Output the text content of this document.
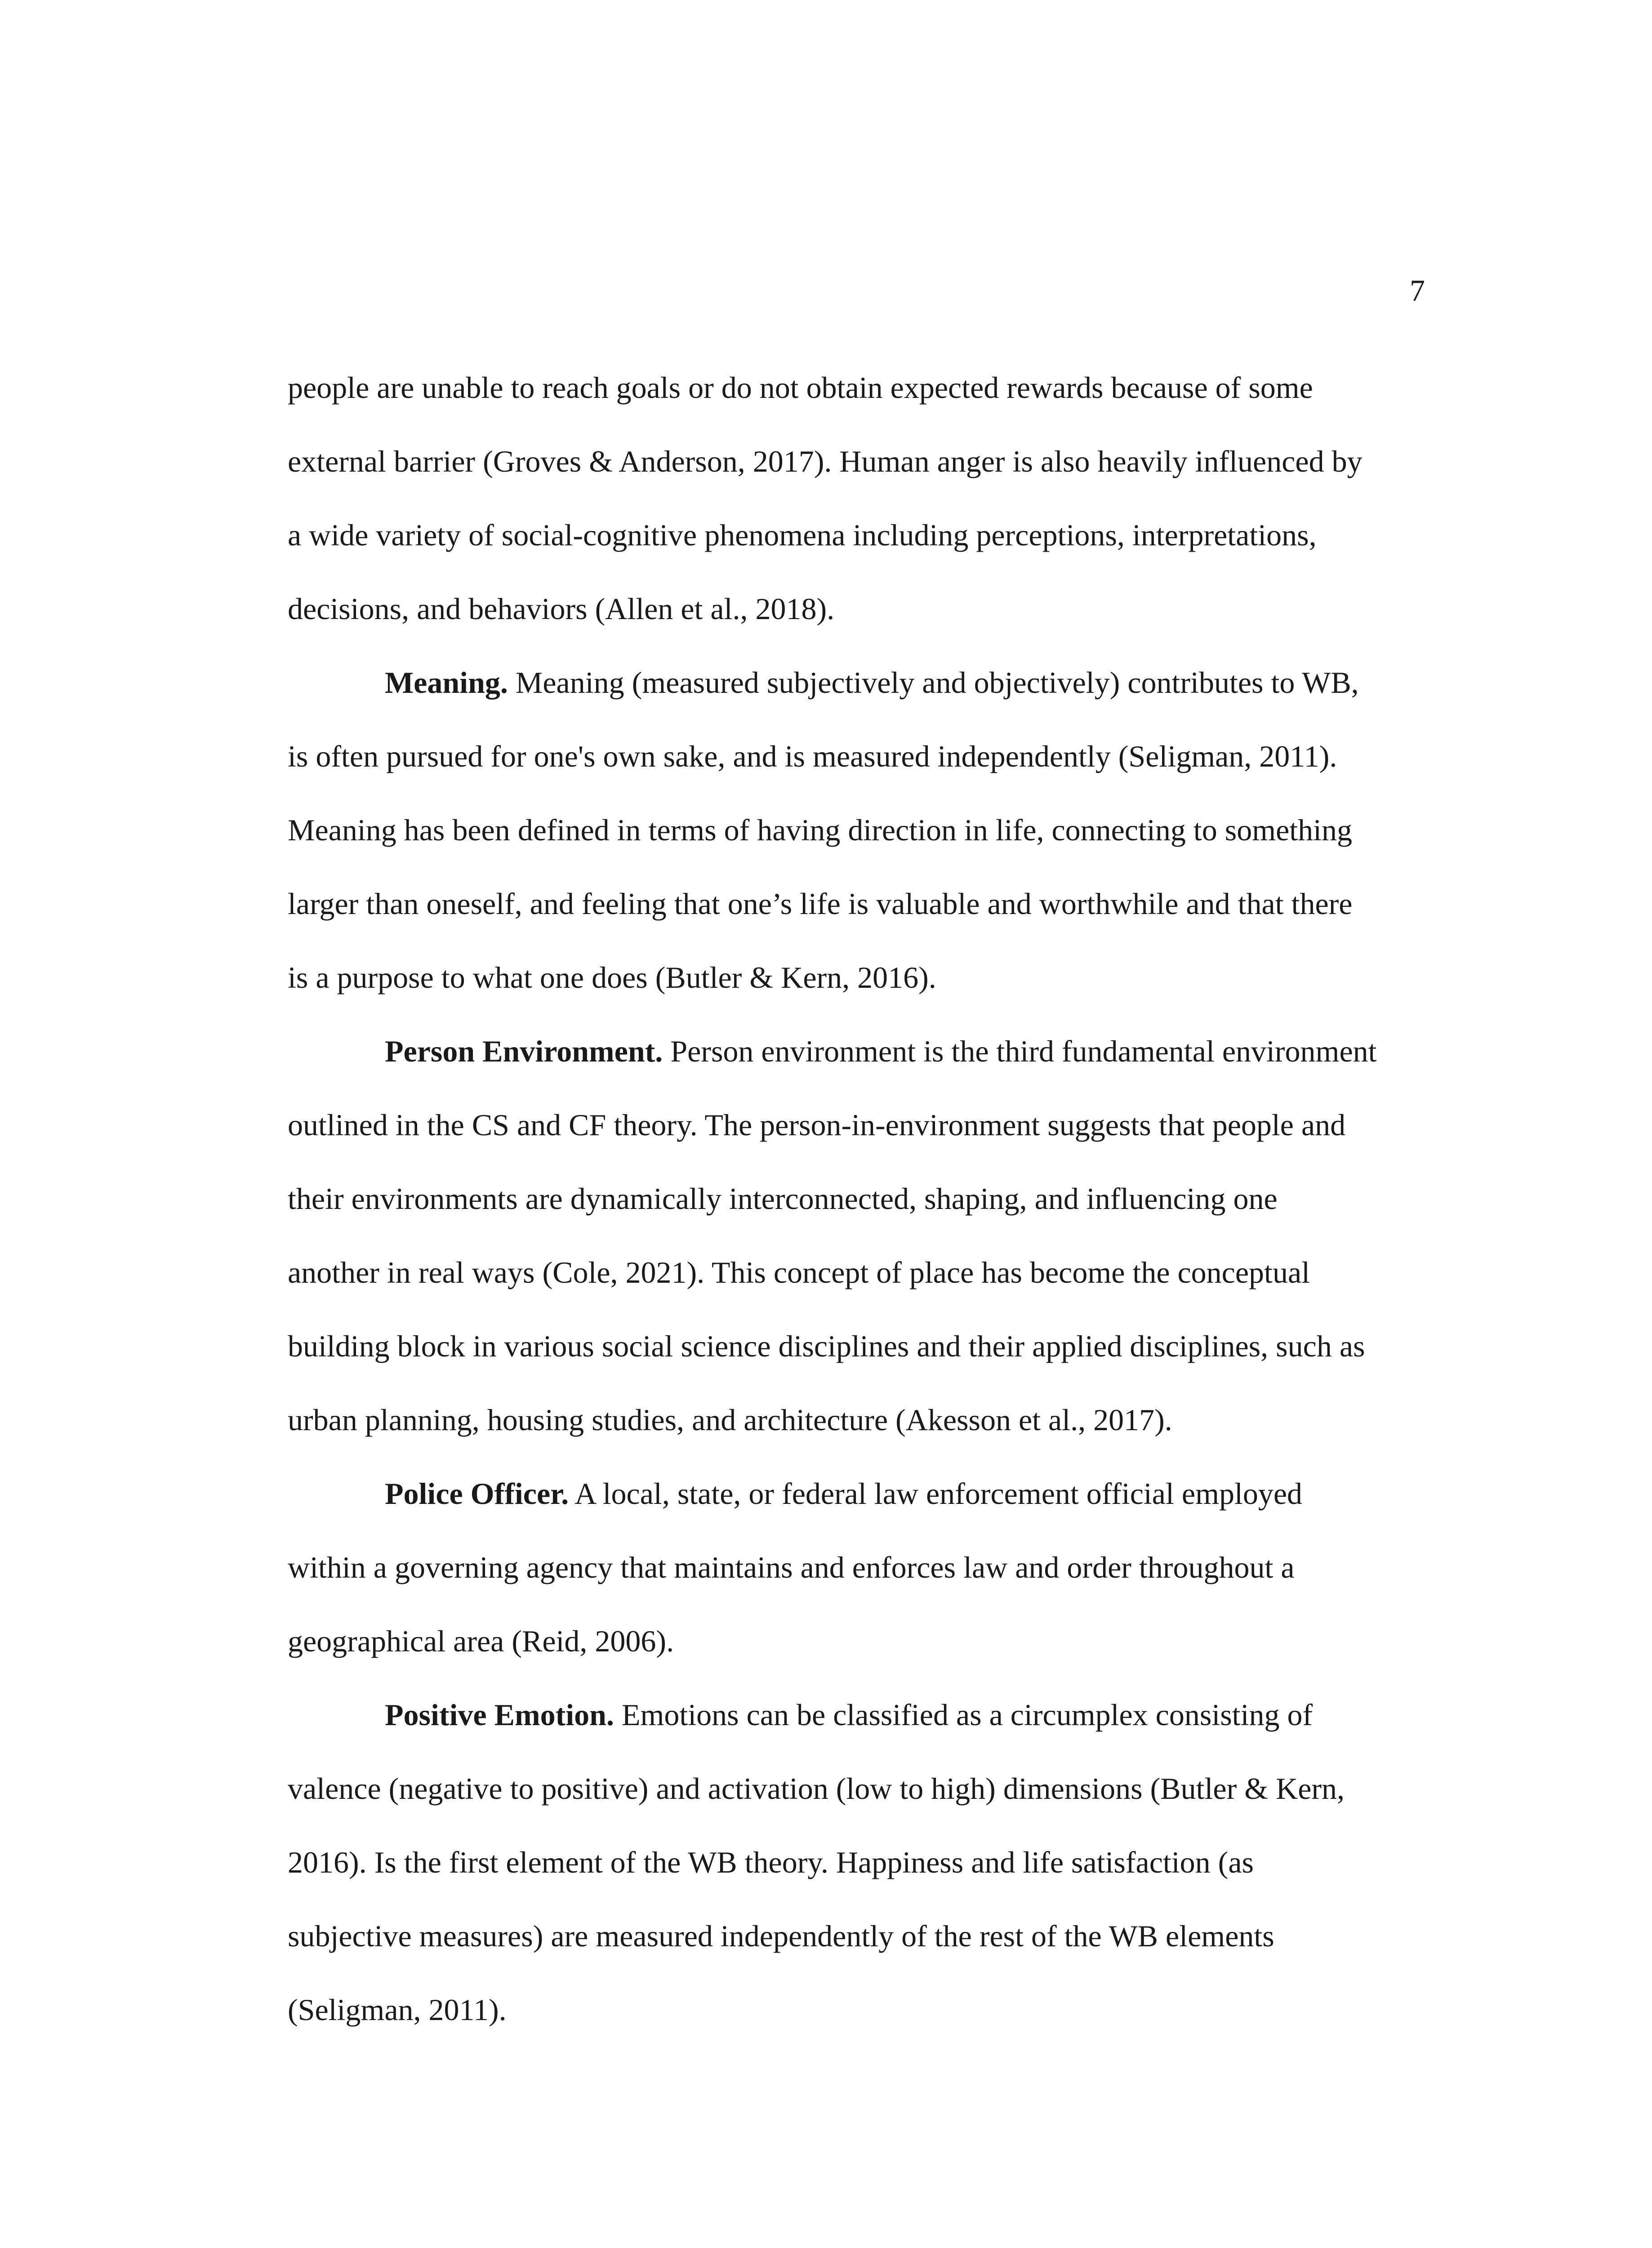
7
people are unable to reach goals or do not obtain expected rewards because of some
external barrier (Groves & Anderson, 2017). Human anger is also heavily influenced by
a wide variety of social-cognitive phenomena including perceptions, interpretations,
decisions, and behaviors (Allen et al., 2018).
Meaning. Meaning (measured subjectively and objectively) contributes to WB,
is often pursued for one's own sake, and is measured independently (Seligman, 2011).
Meaning has been defined in terms of having direction in life, connecting to something
larger than oneself, and feeling that one’s life is valuable and worthwhile and that there
is a purpose to what one does (Butler & Kern, 2016).
Person Environment. Person environment is the third fundamental environment
outlined in the CS and CF theory. The person-in-environment suggests that people and
their environments are dynamically interconnected, shaping, and influencing one
another in real ways (Cole, 2021). This concept of place has become the conceptual
building block in various social science disciplines and their applied disciplines, such as
urban planning, housing studies, and architecture (Akesson et al., 2017).
Police Officer. A local, state, or federal law enforcement official employed
within a governing agency that maintains and enforces law and order throughout a
geographical area (Reid, 2006).
Positive Emotion. Emotions can be classified as a circumplex consisting of
valence (negative to positive) and activation (low to high) dimensions (Butler & Kern,
2016). Is the first element of the WB theory. Happiness and life satisfaction (as
subjective measures) are measured independently of the rest of the WB elements
(Seligman, 2011).
